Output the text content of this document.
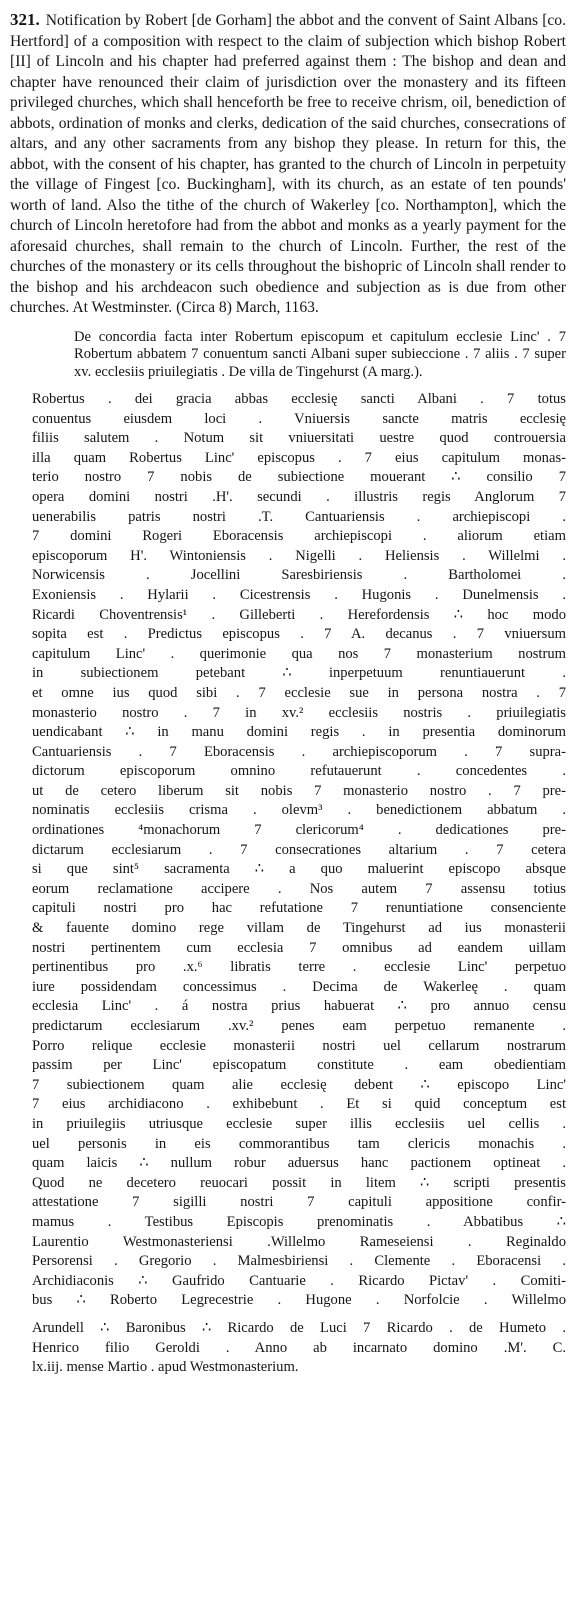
321. Notification by Robert [de Gorham] the abbot and the convent of Saint Albans [co. Hertford] of a composition with respect to the claim of subjection which bishop Robert [II] of Lincoln and his chapter had preferred against them : The bishop and dean and chapter have renounced their claim of jurisdiction over the monastery and its fifteen privileged churches, which shall henceforth be free to receive chrism, oil, benediction of abbots, ordination of monks and clerks, dedication of the said churches, consecrations of altars, and any other sacraments from any bishop they please. In return for this, the abbot, with the consent of his chapter, has granted to the church of Lincoln in perpetuity the village of Fingest [co. Buckingham], with its church, as an estate of ten pounds' worth of land. Also the tithe of the church of Wakerley [co. Northampton], which the church of Lincoln heretofore had from the abbot and monks as a yearly payment for the aforesaid churches, shall remain to the church of Lincoln. Further, the rest of the churches of the monastery or its cells throughout the bishopric of Lincoln shall render to the bishop and his archdeacon such obedience and subjection as is due from other churches. At Westminster. (Circa 8) March, 1163.

De concordia facta inter Robertum episcopum et capitulum ecclesie Linc' . 7 Robertum abbatem 7 conuentum sancti Albani super subieccione . 7 aliis . 7 super xv. ecclesiis priuilegiatis . De villa de Tingehurst (A marg.).

Robertus . dei gracia abbas ecclesię sancti Albani . 7 totus
conuentus eiusdem loci . Vniuersis sancte matris ecclesię
filiis salutem . Notum sit vniuersitati uestre quod controuersia
illa quam Robertus Linc' episcopus . 7 eius capitulum monas-
terio nostro 7 nobis de subiectione mouerant ∴ consilio 7
opera domini nostri .H'. secundi . illustris regis Anglorum 7
uenerabilis patris nostri .T. Cantuariensis . archiepiscopi .
7 domini Rogeri Eboracensis archiepiscopi . aliorum etiam
episcoporum H'. Wintoniensis . Nigelli . Heliensis . Willelmi .
Norwicensis . Jocellini Saresbiriensis . Bartholomei .
Exoniensis . Hylarii . Cicestrensis . Hugonis . Dunelmensis .
Ricardi Choventrensis¹ . Gilleberti . Herefordensis ∴ hoc modo
sopita est . Predictus episcopus . 7 A. decanus . 7 vniuersum
capitulum Linc' . querimonie qua nos 7 monasterium nostrum
in subiectionem petebant ∴ inperpetuum renuntiauerunt .
et omne ius quod sibi . 7 ecclesie sue in persona nostra . 7
monasterio nostro . 7 in xv.² ecclesiis nostris . priuilegiatis
uendicabant ∴ in manu domini regis . in presentia dominorum
Cantuariensis . 7 Eboracensis . archiepiscoporum . 7 supra-
dictorum episcoporum omnino refutauerunt . concedentes .
ut de cetero liberum sit nobis 7 monasterio nostro . 7 pre-
nominatis ecclesiis crisma . olevm³ . benedictionem abbatum .
ordinationes ⁴monachorum 7 clericorum⁴ . dedicationes pre-
dictarum ecclesiarum . 7 consecrationes altarium . 7 cetera
si que sint⁵ sacramenta ∴ a quo maluerint episcopo absque
eorum reclamatione accipere . Nos autem 7 assensu totius
capituli nostri pro hac refutatione 7 renuntiatione consenciente
& fauente domino rege villam de Tingehurst ad ius monasterii
nostri pertinentem cum ecclesia 7 omnibus ad eandem uillam
pertinentibus pro .x.⁶ libratis terre . ecclesie Linc' perpetuo
iure possidendam concessimus . Decima de Wakerleę . quam
ecclesia Linc' . á nostra prius habuerat ∴ pro annuo censu
predictarum ecclesiarum .xv.² penes eam perpetuo remanente .
Porro relique ecclesie monasterii nostri uel cellarum nostrarum
passim per Linc' episcopatum constitute . eam obedientiam
7 subiectionem quam alie ecclesię debent ∴ episcopo Linc'
7 eius archidiacono . exhibebunt . Et si quid conceptum est
in priuilegiis utriusque ecclesie super illis ecclesiis uel cellis .
uel personis in eis commorantibus tam clericis monachis .
quam laicis ∴ nullum robur aduersus hanc pactionem optineat .
Quod ne decetero reuocari possit in litem ∴ scripti presentis
attestatione 7 sigilli nostri 7 capituli appositione confir-
mamus . Testibus Episcopis prenominatis . Abbatibus ∴
Laurentio Westmonasteriensi .Willelmo Rameseiensi . Reginaldo
Persorensi . Gregorio . Malmesbiriensi . Clemente . Eboracensi .
Archidiaconis ∴ Gaufrido Cantuarie . Ricardo Pictav' . Comiti-
bus ∴ Roberto Legrecestrie . Hugone . Norfolcie . Willelmo
Arundell ∴ Baronibus ∴ Ricardo de Luci 7 Ricardo . de Humeto .
Henrico filio Geroldi . Anno ab incarnato domino .M'. C.
lx.iij. mense Martio . apud Westmonasterium.
